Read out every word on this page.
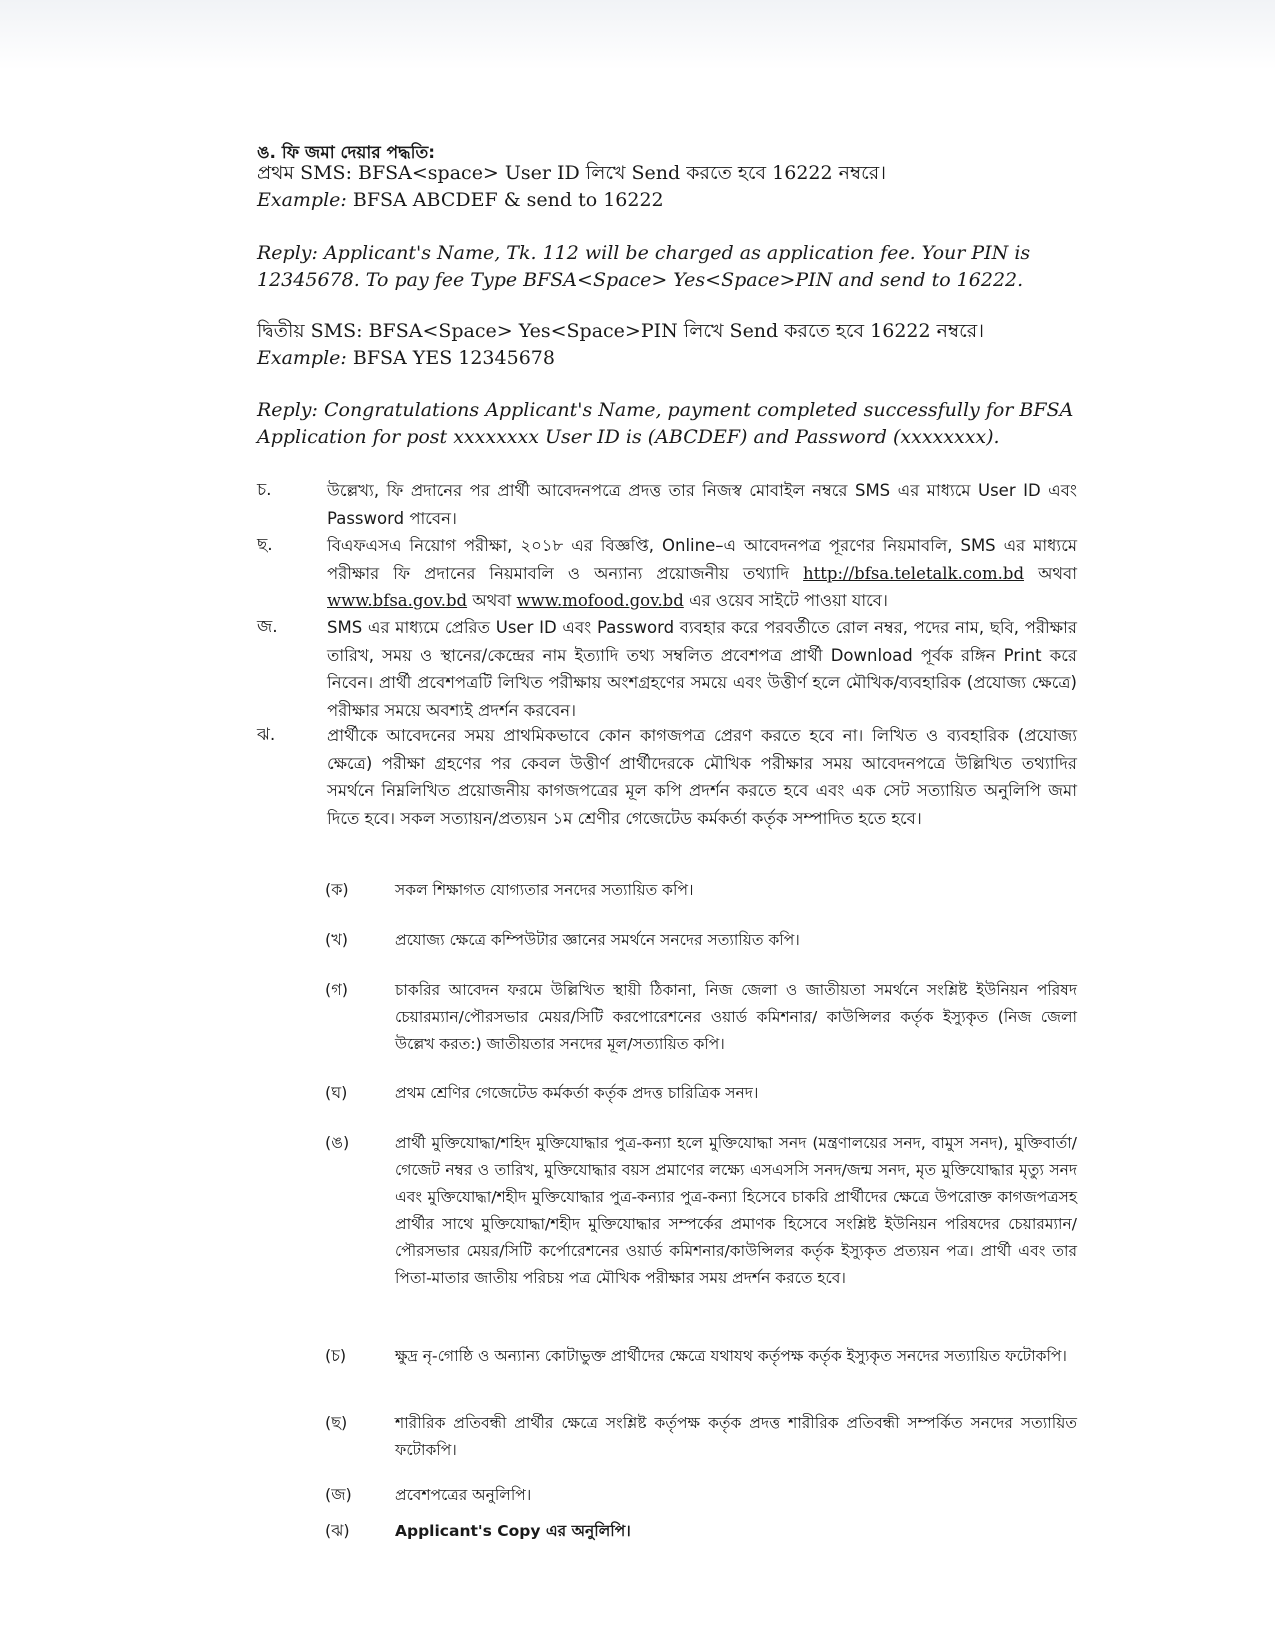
ঙ. ফি জমা দেয়ার পদ্ধতি:

প্রথম SMS: BFSA<space> User ID লিখে Send করতে হবে 16222 নম্বরে।

Example: BFSA ABCDEF & send to 16222

Reply: Applicant's Name, Tk. 112 will be charged as application fee. Your PIN is 12345678. To pay fee Type BFSA<Space> Yes<Space>PIN and send to 16222.

দ্বিতীয় SMS: BFSA<Space> Yes<Space>PIN লিখে Send করতে হবে 16222 নম্বরে।

Example: BFSA YES 12345678

Reply: Congratulations Applicant's Name, payment completed successfully for BFSA Application for post xxxxxxxx User ID is (ABCDEF) and Password (xxxxxxxx).

চ.	উল্লেখ্য, ফি প্রদানের পর প্রার্থী আবেদনপত্রে প্রদত্ত তার নিজস্ব মোবাইল নম্বরে SMS এর মাধ্যমে User ID এবং Password পাবেন।
ছ.	বিএফএসএ নিয়োগ পরীক্ষা, ২০১৮ এর বিজ্ঞপ্তি, Online–এ আবেদনপত্র পূরণের নিয়মাবলি, SMS এর মাধ্যমে পরীক্ষার ফি প্রদানের নিয়মাবলি ও অন্যান্য প্রয়োজনীয় তথ্যাদি http://bfsa.teletalk.com.bd অথবা www.bfsa.gov.bd অথবা www.mofood.gov.bd এর ওয়েব সাইটে পাওয়া যাবে।
জ.	SMS এর মাধ্যমে প্রেরিত User ID এবং Password ব্যবহার করে পরবর্তীতে রোল নম্বর, পদের নাম, ছবি, পরীক্ষার তারিখ, সময় ও স্থানের/কেন্দ্রের নাম ইত্যাদি তথ্য সম্বলিত প্রবেশপত্র প্রার্থী Download পূর্বক রঙ্গিন Print করে নিবেন। প্রার্থী প্রবেশপত্রটি লিখিত পরীক্ষায় অংশগ্রহণের সময়ে এবং উত্তীর্ণ হলে মৌখিক/ব্যবহারিক (প্রযোজ্য ক্ষেত্রে) পরীক্ষার সময়ে অবশ্যই প্রদর্শন করবেন।
ঝ.	প্রার্থীকে আবেদনের সময় প্রাথমিকভাবে কোন কাগজপত্র প্রেরণ করতে হবে না। লিখিত ও ব্যবহারিক (প্রযোজ্য ক্ষেত্রে) পরীক্ষা গ্রহণের পর কেবল উত্তীর্ণ প্রার্থীদেরকে মৌখিক পরীক্ষার সময় আবেদনপত্রে উল্লিখিত তথ্যাদির সমর্থনে নিম্নলিখিত প্রয়োজনীয় কাগজপত্রের মূল কপি প্রদর্শন করতে হবে এবং এক সেট সত্যায়িত অনুলিপি জমা দিতে হবে। সকল সত্যায়ন/প্রত্যয়ন ১ম শ্রেণীর গেজেটেড কর্মকর্তা কর্তৃক সম্পাদিত হতে হবে।
(ক)	সকল শিক্ষাগত যোগ্যতার সনদের সত্যায়িত কপি।
(খ)	প্রযোজ্য ক্ষেত্রে কম্পিউটার জ্ঞানের সমর্থনে সনদের সত্যায়িত কপি।
(গ)	চাকরির আবেদন ফরমে উল্লিখিত স্থায়ী ঠিকানা, নিজ জেলা ও জাতীয়তা সমর্থনে সংশ্লিষ্ট ইউনিয়ন পরিষদ চেয়ারম্যান/পৌরসভার মেয়র/সিটি করপোরেশনের ওয়ার্ড কমিশনার/ কাউন্সিলর কর্তৃক ইস্যুকৃত (নিজ জেলা উল্লেখ করত:) জাতীয়তার সনদের মূল/সত্যায়িত কপি।
(ঘ)	প্রথম শ্রেণির গেজেটেড কর্মকর্তা কর্তৃক প্রদত্ত চারিত্রিক সনদ।
(ঙ)	প্রার্থী মুক্তিযোদ্ধা/শহিদ মুক্তিযোদ্ধার পুত্র-কন্যা হলে মুক্তিযোদ্ধা সনদ (মন্ত্রণালয়ের সনদ, বামুস সনদ), মুক্তিবার্তা/গেজেট নম্বর ও তারিখ, মুক্তিযোদ্ধার বয়স প্রমাণের লক্ষ্যে এসএসসি সনদ/জন্ম সনদ, মৃত মুক্তিযোদ্ধার মৃত্যু সনদ এবং মুক্তিযোদ্ধা/শহীদ মুক্তিযোদ্ধার পুত্র-কন্যার পুত্র-কন্যা হিসেবে চাকরি প্রার্থীদের ক্ষেত্রে উপরোক্ত কাগজপত্রসহ প্রার্থীর সাথে মুক্তিযোদ্ধা/শহীদ মুক্তিযোদ্ধার সম্পর্কের প্রমাণক হিসেবে সংশ্লিষ্ট ইউনিয়ন পরিষদের চেয়ারম্যান/পৌরসভার মেয়র/সিটি কর্পোরেশনের ওয়ার্ড কমিশনার/কাউন্সিলর কর্তৃক ইস্যুকৃত প্রত্যয়ন পত্র। প্রার্থী এবং তার পিতা-মাতার জাতীয় পরিচয় পত্র মৌখিক পরীক্ষার সময় প্রদর্শন করতে হবে।
(চ)	ক্ষুদ্র নৃ-গোষ্ঠি ও অন্যান্য কোটাভুক্ত প্রার্থীদের ক্ষেত্রে যথাযথ কর্তৃপক্ষ কর্তৃক ইস্যুকৃত সনদের সত্যায়িত ফটোকপি।
(ছ)	শারীরিক প্রতিবন্ধী প্রার্থীর ক্ষেত্রে সংশ্লিষ্ট কর্তৃপক্ষ কর্তৃক প্রদত্ত শারীরিক প্রতিবন্ধী সম্পর্কিত সনদের সত্যায়িত ফটোকপি।
(জ)	প্রবেশপত্রের অনুলিপি।
(ঝ)	Applicant's Copy এর অনুলিপি।
